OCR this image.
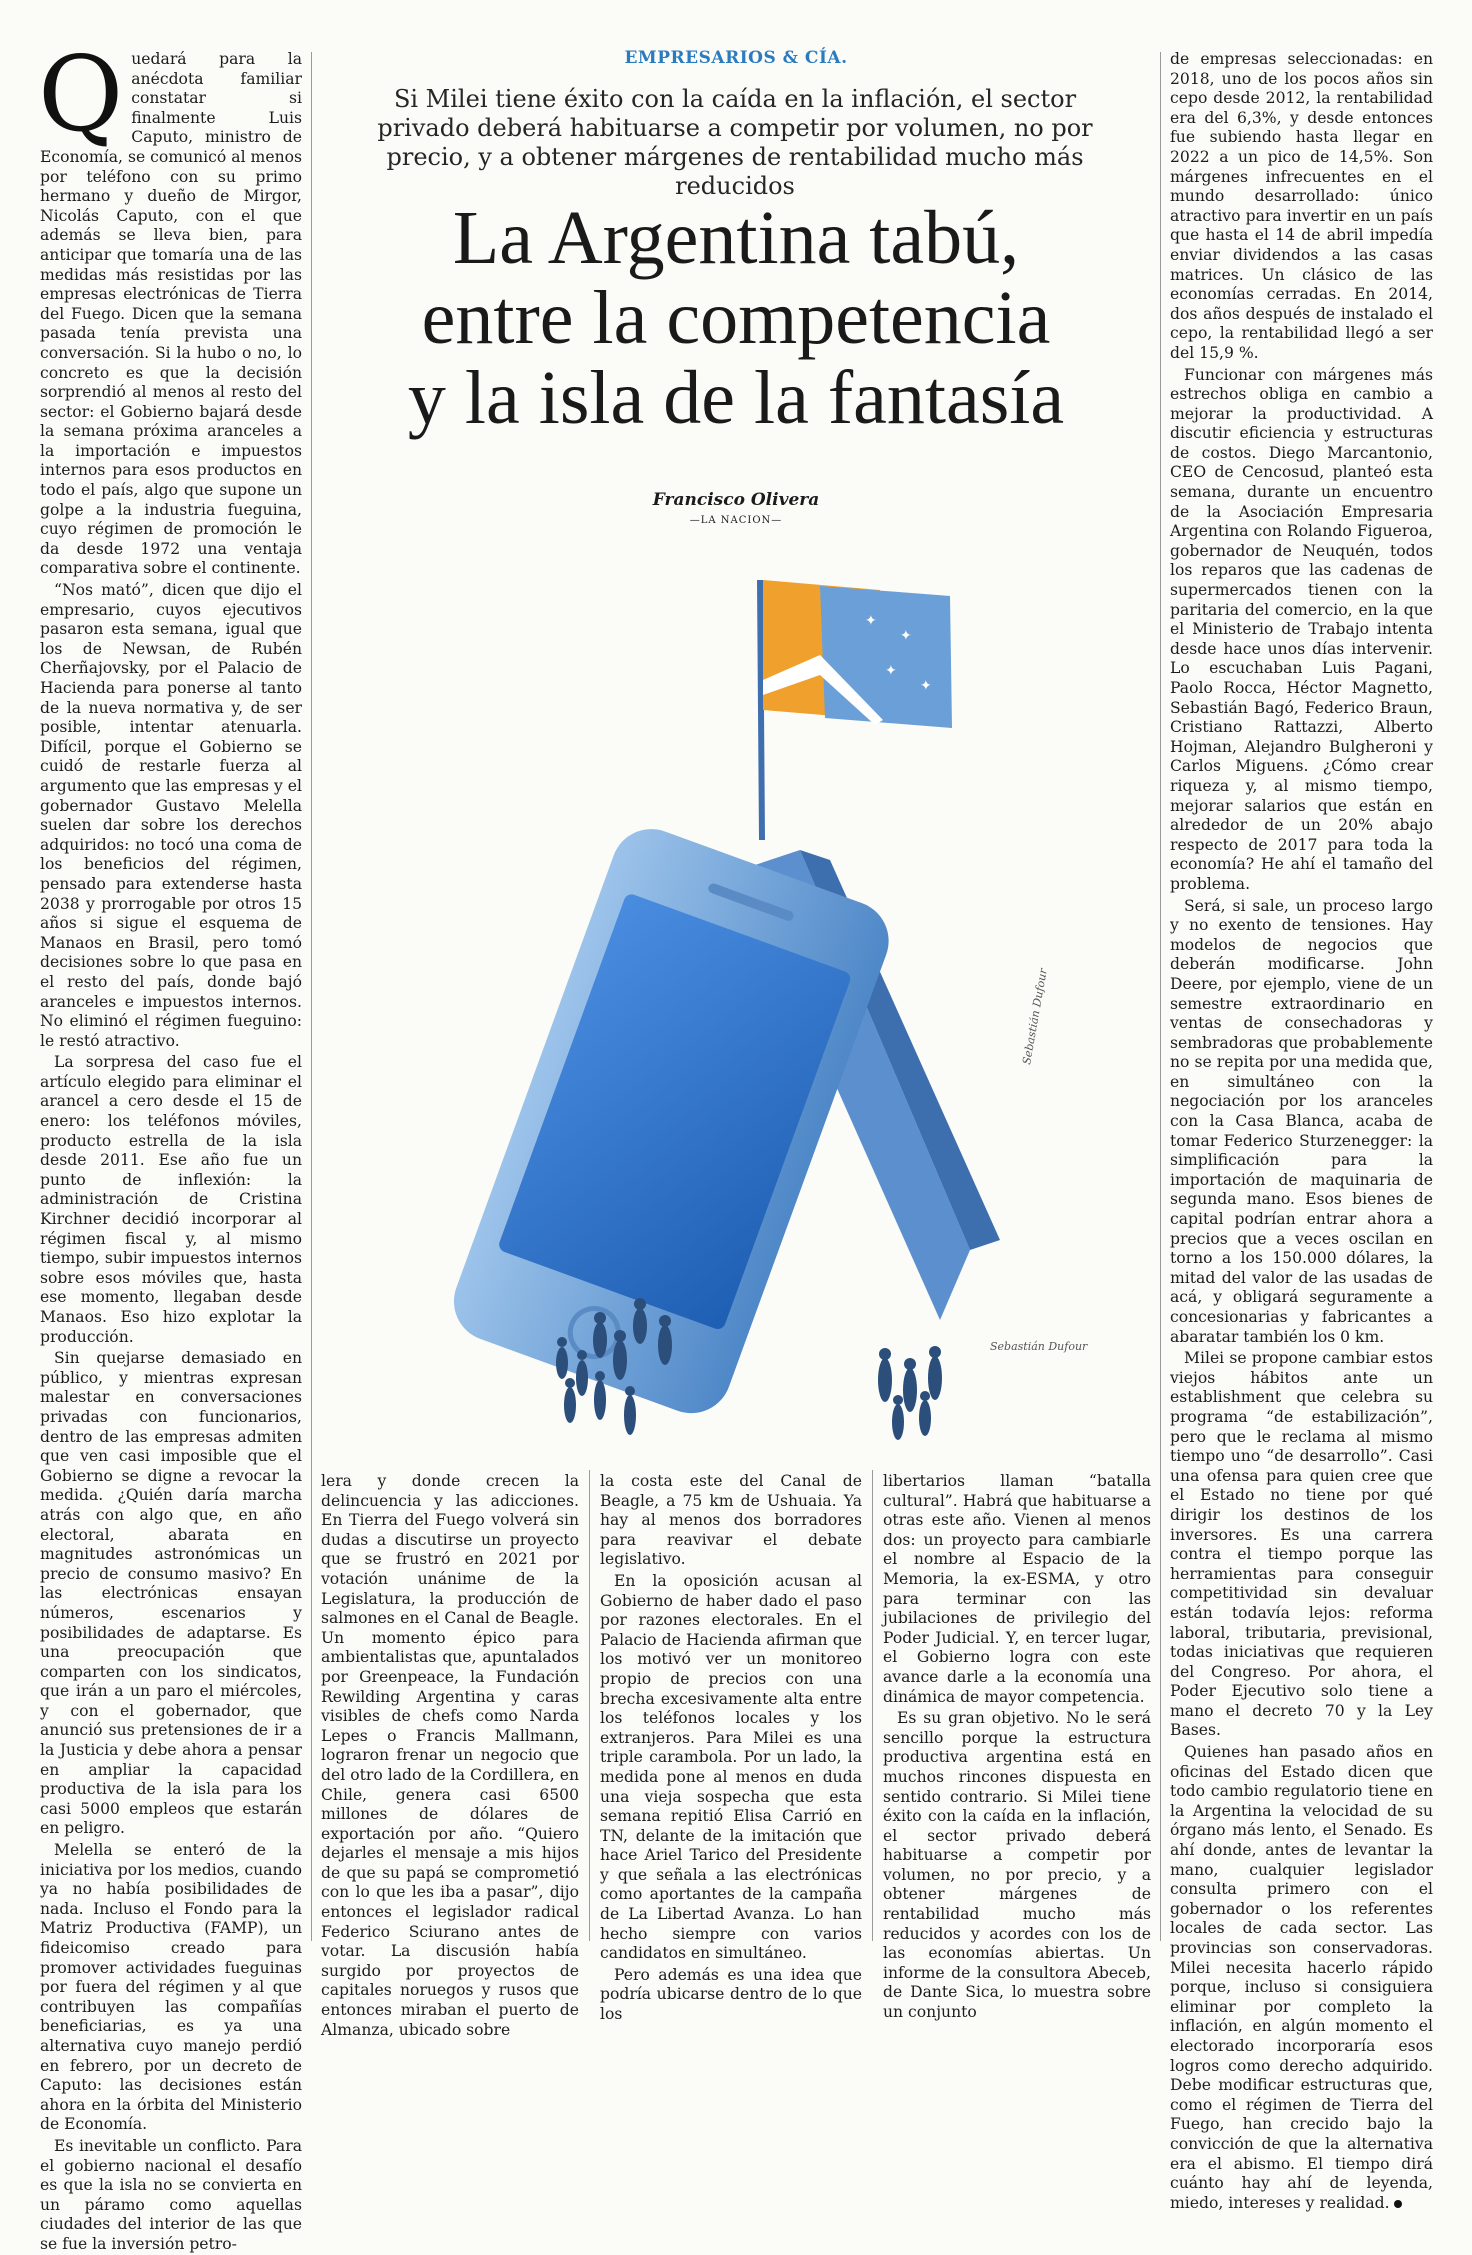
EMPRESARIOS & CÍA.
Si Milei tiene éxito con la caída en la inflación, el sector privado deberá habituarse a competir por volumen, no por precio, y a obtener márgenes de rentabilidad mucho más reducidos
La Argentina tabú,
entre la competencia
y la isla de la fantasía
Francisco Olivera
—LA NACION—
✦
✦
✦
✦
Sebastián Dufour
Sebastián Dufour

Quedará para la anécdota familiar constatar si finalmente Luis Caputo, ministro de Economía, se comunicó al menos por teléfono con su primo hermano y dueño de Mirgor, Nicolás Caputo, con el que además se lleva bien, para anticipar que tomaría una de las medidas más resistidas por las empresas electrónicas de Tierra del Fuego. Dicen que la semana pasada tenía prevista una conversación. Si la hubo o no, lo concreto es que la decisión sorprendió al menos al resto del sector: el Gobierno bajará desde la semana próxima aranceles a la importación e impuestos internos para esos productos en todo el país, algo que supone un golpe a la industria fueguina, cuyo régimen de promoción le da desde 1972 una ventaja comparativa sobre el continente.

“Nos mató”, dicen que dijo el empresario, cuyos ejecutivos pasaron esta semana, igual que los de Newsan, de Rubén Cherñajovsky, por el Palacio de Hacienda para ponerse al tanto de la nueva normativa y, de ser posible, intentar atenuarla. Difícil, porque el Gobierno se cuidó de restarle fuerza al argumento que las empresas y el gobernador Gustavo Melella suelen dar sobre los derechos adquiridos: no tocó una coma de los beneficios del régimen, pensado para extenderse hasta 2038 y prorrogable por otros 15 años si sigue el esquema de Manaos en Brasil, pero tomó decisiones sobre lo que pasa en el resto del país, donde bajó aranceles e impuestos internos. No eliminó el régimen fueguino: le restó atractivo.

La sorpresa del caso fue el artículo elegido para eliminar el arancel a cero desde el 15 de enero: los teléfonos móviles, producto estrella de la isla desde 2011. Ese año fue un punto de inflexión: la administración de Cristina Kirchner decidió incorporar al régimen fiscal y, al mismo tiempo, subir impuestos internos sobre esos móviles que, hasta ese momento, llegaban desde Manaos. Eso hizo explotar la producción.

Sin quejarse demasiado en público, y mientras expresan malestar en conversaciones privadas con funcionarios, dentro de las empresas admiten que ven casi imposible que el Gobierno se digne a revocar la medida. ¿Quién daría marcha atrás con algo que, en año electoral, abarata en magnitudes astronómicas un precio de consumo masivo? En las electrónicas ensayan números, escenarios y posibilidades de adaptarse. Es una preocupación que comparten con los sindicatos, que irán a un paro el miércoles, y con el gobernador, que anunció sus pretensiones de ir a la Justicia y debe ahora a pensar en ampliar la capacidad productiva de la isla para los casi 5000 empleos que estarán en peligro.

Melella se enteró de la iniciativa por los medios, cuando ya no había posibilidades de nada. Incluso el Fondo para la Matriz Productiva (FAMP), un fideicomiso creado para promover actividades fueguinas por fuera del régimen y al que contribuyen las compañías beneficiarias, es ya una alternativa cuyo manejo perdió en febrero, por un decreto de Caputo: las decisiones están ahora en la órbita del Ministerio de Economía.

Es inevitable un conflicto. Para el gobierno nacional el desafío es que la isla no se convierta en un páramo como aquellas ciudades del interior de las que se fue la inversión petro-

lera y donde crecen la delincuencia y las adicciones. En Tierra del Fuego volverá sin dudas a discutirse un proyecto que se frustró en 2021 por votación unánime de la Legislatura, la producción de salmones en el Canal de Beagle. Un momento épico para ambientalistas que, apuntalados por Greenpeace, la Fundación Rewilding Argentina y caras visibles de chefs como Narda Lepes o Francis Mallmann, lograron frenar un negocio que del otro lado de la Cordillera, en Chile, genera casi 6500 millones de dólares de exportación por año. “Quiero dejarles el mensaje a mis hijos de que su papá se comprometió con lo que les iba a pasar”, dijo entonces el legislador radical Federico Sciurano antes de votar. La discusión había surgido por proyectos de capitales noruegos y rusos que entonces miraban el puerto de Almanza, ubicado sobre

la costa este del Canal de Beagle, a 75 km de Ushuaia. Ya hay al menos dos borradores para reavivar el debate legislativo.

En la oposición acusan al Gobierno de haber dado el paso por razones electorales. En el Palacio de Hacienda afirman que los motivó ver un monitoreo propio de precios con una brecha excesivamente alta entre los teléfonos locales y los extranjeros. Para Milei es una triple carambola. Por un lado, la medida pone al menos en duda una vieja sospecha que esta semana repitió Elisa Carrió en TN, delante de la imitación que hace Ariel Tarico del Presidente y que señala a las electrónicas como aportantes de la campaña de La Libertad Avanza. Lo han hecho siempre con varios candidatos en simultáneo.

Pero además es una idea que podría ubicarse dentro de lo que los

libertarios llaman “batalla cultural”. Habrá que habituarse a otras este año. Vienen al menos dos: un proyecto para cambiarle el nombre al Espacio de la Memoria, la ex-ESMA, y otro para terminar con las jubilaciones de privilegio del Poder Judicial. Y, en tercer lugar, el Gobierno logra con este avance darle a la economía una dinámica de mayor competencia.

Es su gran objetivo. No le será sencillo porque la estructura productiva argentina está en muchos rincones dispuesta en sentido contrario. Si Milei tiene éxito con la caída en la inflación, el sector privado deberá habituarse a competir por volumen, no por precio, y a obtener márgenes de rentabilidad mucho más reducidos y acordes con los de las economías abiertas. Un informe de la consultora Abeceb, de Dante Sica, lo muestra sobre un conjunto

de empresas seleccionadas: en 2018, uno de los pocos años sin cepo desde 2012, la rentabilidad era del 6,3%, y desde entonces fue subiendo hasta llegar en 2022 a un pico de 14,5%. Son márgenes infrecuentes en el mundo desarrollado: único atractivo para invertir en un país que hasta el 14 de abril impedía enviar dividendos a las casas matrices. Un clásico de las economías cerradas. En 2014, dos años después de instalado el cepo, la rentabilidad llegó a ser del 15,9 %.

Funcionar con márgenes más estrechos obliga en cambio a mejorar la productividad. A discutir eficiencia y estructuras de costos. Diego Marcantonio, CEO de Cencosud, planteó esta semana, durante un encuentro de la Asociación Empresaria Argentina con Rolando Figueroa, gobernador de Neuquén, todos los reparos que las cadenas de supermercados tienen con la paritaria del comercio, en la que el Ministerio de Trabajo intenta desde hace unos días intervenir. Lo escuchaban Luis Pagani, Paolo Rocca, Héctor Magnetto, Sebastián Bagó, Federico Braun, Cristiano Rattazzi, Alberto Hojman, Alejandro Bulgheroni y Carlos Miguens. ¿Cómo crear riqueza y, al mismo tiempo, mejorar salarios que están en alrededor de un 20% abajo respecto de 2017 para toda la economía? He ahí el tamaño del problema.

Será, si sale, un proceso largo y no exento de tensiones. Hay modelos de negocios que deberán modificarse. John Deere, por ejemplo, viene de un semestre extraordinario en ventas de consechadoras y sembradoras que probablemente no se repita por una medida que, en simultáneo con la negociación por los aranceles con la Casa Blanca, acaba de tomar Federico Sturzenegger: la simplificación para la importación de maquinaria de segunda mano. Esos bienes de capital podrían entrar ahora a precios que a veces oscilan en torno a los 150.000 dólares, la mitad del valor de las usadas de acá, y obligará seguramente a concesionarias y fabricantes a abaratar también los 0 km.

Milei se propone cambiar estos viejos hábitos ante un establishment que celebra su programa “de estabilización”, pero que le reclama al mismo tiempo uno “de desarrollo”. Casi una ofensa para quien cree que el Estado no tiene por qué dirigir los destinos de los inversores. Es una carrera contra el tiempo porque las herramientas para conseguir competitividad sin devaluar están todavía lejos: reforma laboral, tributaria, previsional, todas iniciativas que requieren del Congreso. Por ahora, el Poder Ejecutivo solo tiene a mano el decreto 70 y la Ley Bases.

Quienes han pasado años en oficinas del Estado dicen que todo cambio regulatorio tiene en la Argentina la velocidad de su órgano más lento, el Senado. Es ahí donde, antes de levantar la mano, cualquier legislador consulta primero con el gobernador o los referentes locales de cada sector. Las provincias son conservadoras. Milei necesita hacerlo rápido porque, incluso si consiguiera eliminar por completo la inflación, en algún momento el electorado incorporaría esos logros como derecho adquirido. Debe modificar estructuras que, como el régimen de Tierra del Fuego, han crecido bajo la convicción de que la alternativa era el abismo. El tiempo dirá cuánto hay ahí de leyenda, miedo, intereses y realidad.
